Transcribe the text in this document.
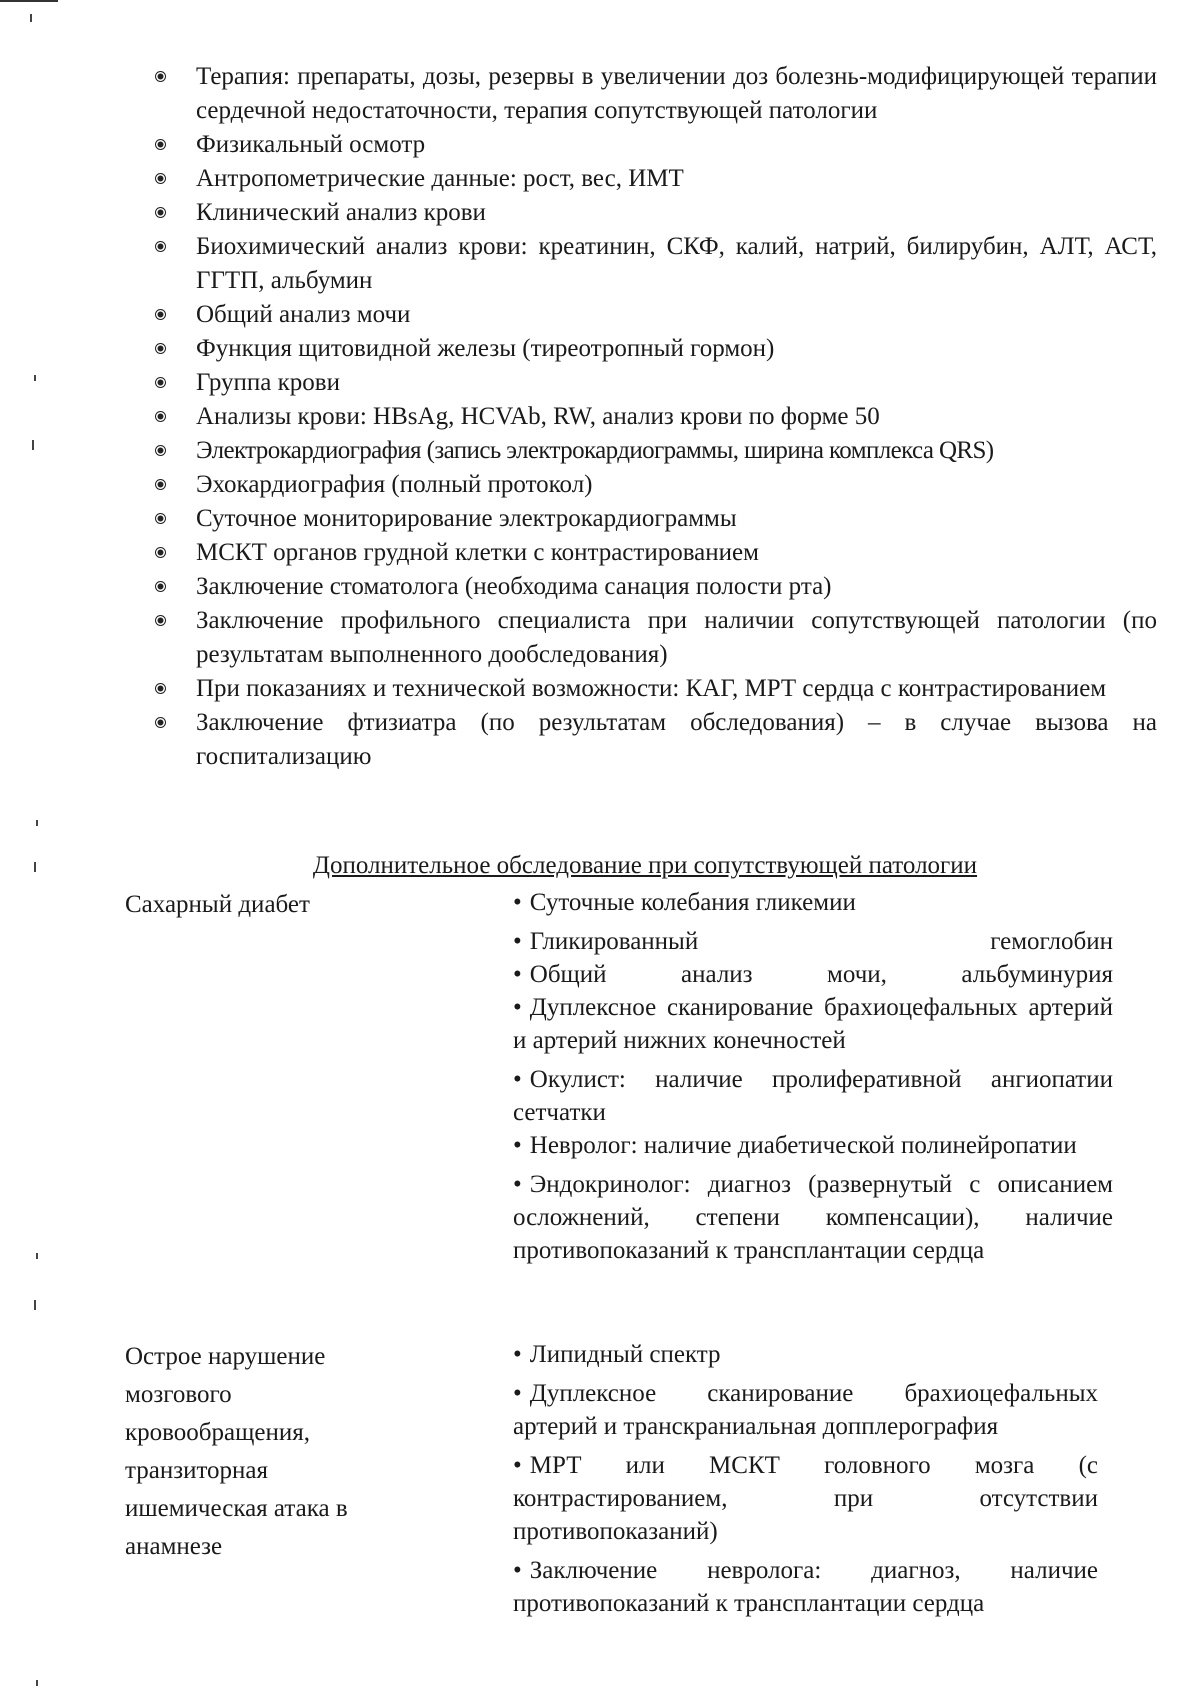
Терапия: препараты, дозы, резервы в увеличении доз болезнь-модифицирующей терапии сердечной недостаточности, терапия сопутствующей патологии
Физикальный осмотр
Антропометрические данные: рост, вес, ИМТ
Клинический анализ крови
Биохимический анализ крови: креатинин, СКФ, калий, натрий, билирубин, АЛТ, АСТ, ГГТП, альбумин
Общий анализ мочи
Функция щитовидной железы (тиреотропный гормон)
Группа крови
Анализы крови: HBsAg, HCVAb, RW, анализ крови по форме 50
Электрокардиография (запись электрокардиограммы, ширина комплекса QRS)
Эхокардиография (полный протокол)
Суточное мониторирование электрокардиограммы
МСКТ органов грудной клетки с контрастированием
Заключение стоматолога (необходима санация полости рта)
Заключение профильного специалиста при наличии сопутствующей патологии (по результатам выполненного дообследования)
При показаниях и технической возможности: КАГ, МРТ сердца с контрастированием
Заключение фтизиатра (по результатам обследования) – в случае вызова на госпитализацию
Дополнительное обследование при сопутствующей патологии
Сахарный диабет
•	Суточные колебания гликемии
• Гликированный гемоглобин
• Общий анализ мочи, альбуминурия
• Дуплексное сканирование брахиоцефальных артерий и артерий нижних конечностей
• Окулист: наличие пролиферативной ангиопатии сетчатки
• Невролог: наличие диабетической полинейропатии
• Эндокринолог: диагноз (развернутый с описанием осложнений, степени компенсации), наличие противопоказаний к трансплантации сердца
Острое нарушение мозгового кровообращения, транзиторная ишемическая атака в анамнезе
• Липидный спектр
• Дуплексное сканирование брахиоцефальных артерий и транскраниальная допплерография
• МРТ или МСКТ головного мозга (с контрастированием, при отсутствии противопоказаний)
• Заключение невролога: диагноз, наличие противопоказаний к трансплантации сердца
